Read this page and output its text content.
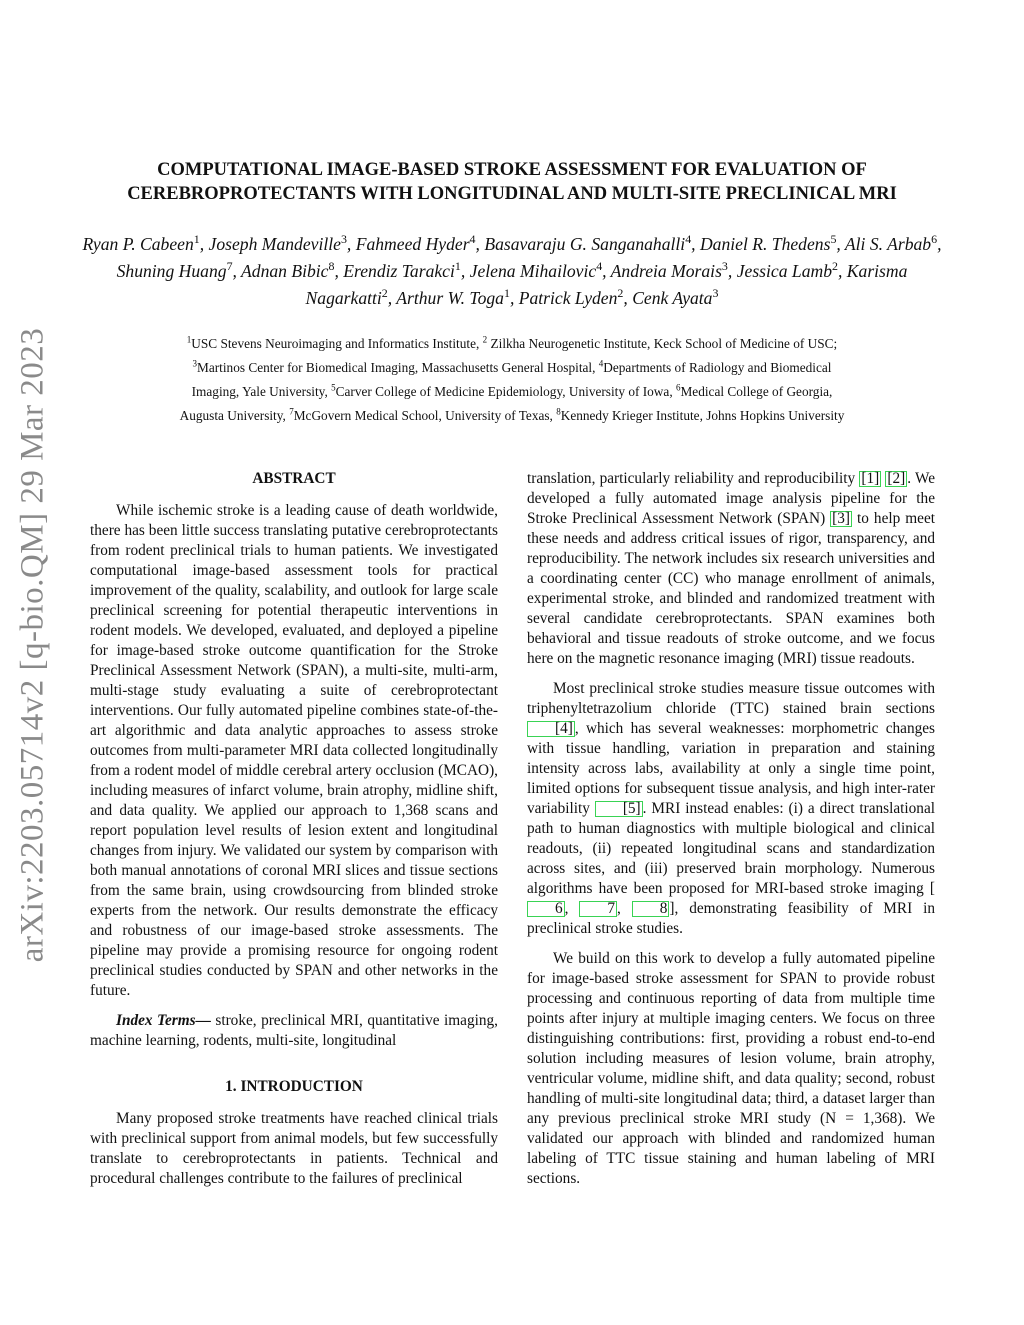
arXiv:2203.05714v2 [q-bio.QM] 29 Mar 2023
COMPUTATIONAL IMAGE-BASED STROKE ASSESSMENT FOR EVALUATION OF
CEREBROPROTECTANTS WITH LONGITUDINAL AND MULTI-SITE PRECLINICAL MRI
Ryan P. Cabeen$^1$, Joseph Mandeville$^3$, Fahmeed Hyder$^4$, Basavaraju G. Sanganahalli$^4$, Daniel R. Thedens$^5$, Ali S. Arbab$^6$, Shuning Huang$^7$, Adnan Bibic$^8$, Erendiz Tarakci$^1$, Jelena Mihailovic$^4$, Andreia Morais$^3$, Jessica Lamb$^2$, Karisma Nagarkatti$^2$, Arthur W. Toga$^1$, Patrick Lyden$^2$, Cenk Ayata$^3$
$^1$USC Stevens Neuroimaging and Informatics Institute, $^2$ Zilkha Neurogenetic Institute, Keck School of Medicine of USC;
$^3$Martinos Center for Biomedical Imaging, Massachusetts General Hospital, $^4$Departments of Radiology and Biomedical
Imaging, Yale University, $^5$Carver College of Medicine Epidemiology, University of Iowa, $^6$Medical College of Georgia,
Augusta University, $^7$McGovern Medical School, University of Texas, $^8$Kennedy Krieger Institute, Johns Hopkins University
ABSTRACT

While ischemic stroke is a leading cause of death worldwide, there has been little success translating putative cerebroprotectants from rodent preclinical trials to human patients. We investigated computational image-based assessment tools for practical improvement of the quality, scalability, and outlook for large scale preclinical screening for potential therapeutic interventions in rodent models. We developed, evaluated, and deployed a pipeline for image-based stroke outcome quantification for the Stroke Preclinical Assessment Network (SPAN), a multi-site, multi-arm, multi-stage study evaluating a suite of cerebroprotectant interventions. Our fully automated pipeline combines state-of-the-art algorithmic and data analytic approaches to assess stroke outcomes from multi-parameter MRI data collected longitudinally from a rodent model of middle cerebral artery occlusion (MCAO), including measures of infarct volume, brain atrophy, midline shift, and data quality. We applied our approach to 1,368 scans and report population level results of lesion extent and longitudinal changes from injury. We validated our system by comparison with both manual annotations of coronal MRI slices and tissue sections from the same brain, using crowdsourcing from blinded stroke experts from the network. Our results demonstrate the efficacy and robustness of our image-based stroke assessments. The pipeline may provide a promising resource for ongoing rodent preclinical studies conducted by SPAN and other networks in the future.

Index Terms— stroke, preclinical MRI, quantitative imaging, machine learning, rodents, multi-site, longitudinal

1. INTRODUCTION

Many proposed stroke treatments have reached clinical trials with preclinical support from animal models, but few successfully translate to cerebroprotectants in patients. Technical and procedural challenges contribute to the failures of preclinical

translation, particularly reliability and reproducibility [1] [2] . We developed a fully automated image analysis pipeline for the Stroke Preclinical Assessment Network (SPAN) [3] to help meet these needs and address critical issues of rigor, transparency, and reproducibility. The network includes six research universities and a coordinating center (CC) who manage enrollment of animals, experimental stroke, and blinded and randomized treatment with several candidate cerebroprotectants. SPAN examines both behavioral and tissue readouts of stroke outcome, and we focus here on the magnetic resonance imaging (MRI) tissue readouts.

Most preclinical stroke studies measure tissue outcomes with triphenyltetrazolium chloride (TTC) stained brain sections [4] , which has several weaknesses: morphometric changes with tissue handling, variation in preparation and staining intensity across labs, availability at only a single time point, limited options for subsequent tissue analysis, and high inter-rater variability [5] . MRI instead enables: (i) a direct translational path to human diagnostics with multiple biological and clinical readouts, (ii) repeated longitudinal scans and standardization across sites, and (iii) preserved brain morphology. Numerous algorithms have been proposed for MRI-based stroke imaging [6 , 7 , 8 ], demonstrating feasibility of MRI in preclinical stroke studies.

We build on this work to develop a fully automated pipeline for image-based stroke assessment for SPAN to provide robust processing and continuous reporting of data from multiple time points after injury at multiple imaging centers. We focus on three distinguishing contributions: first, providing a robust end-to-end solution including measures of lesion volume, brain atrophy, ventricular volume, midline shift, and data quality; second, robust handling of multi-site longitudinal data; third, a dataset larger than any previous preclinical stroke MRI study (N = 1,368). We validated our approach with blinded and randomized human labeling of TTC tissue staining and human labeling of MRI sections.
